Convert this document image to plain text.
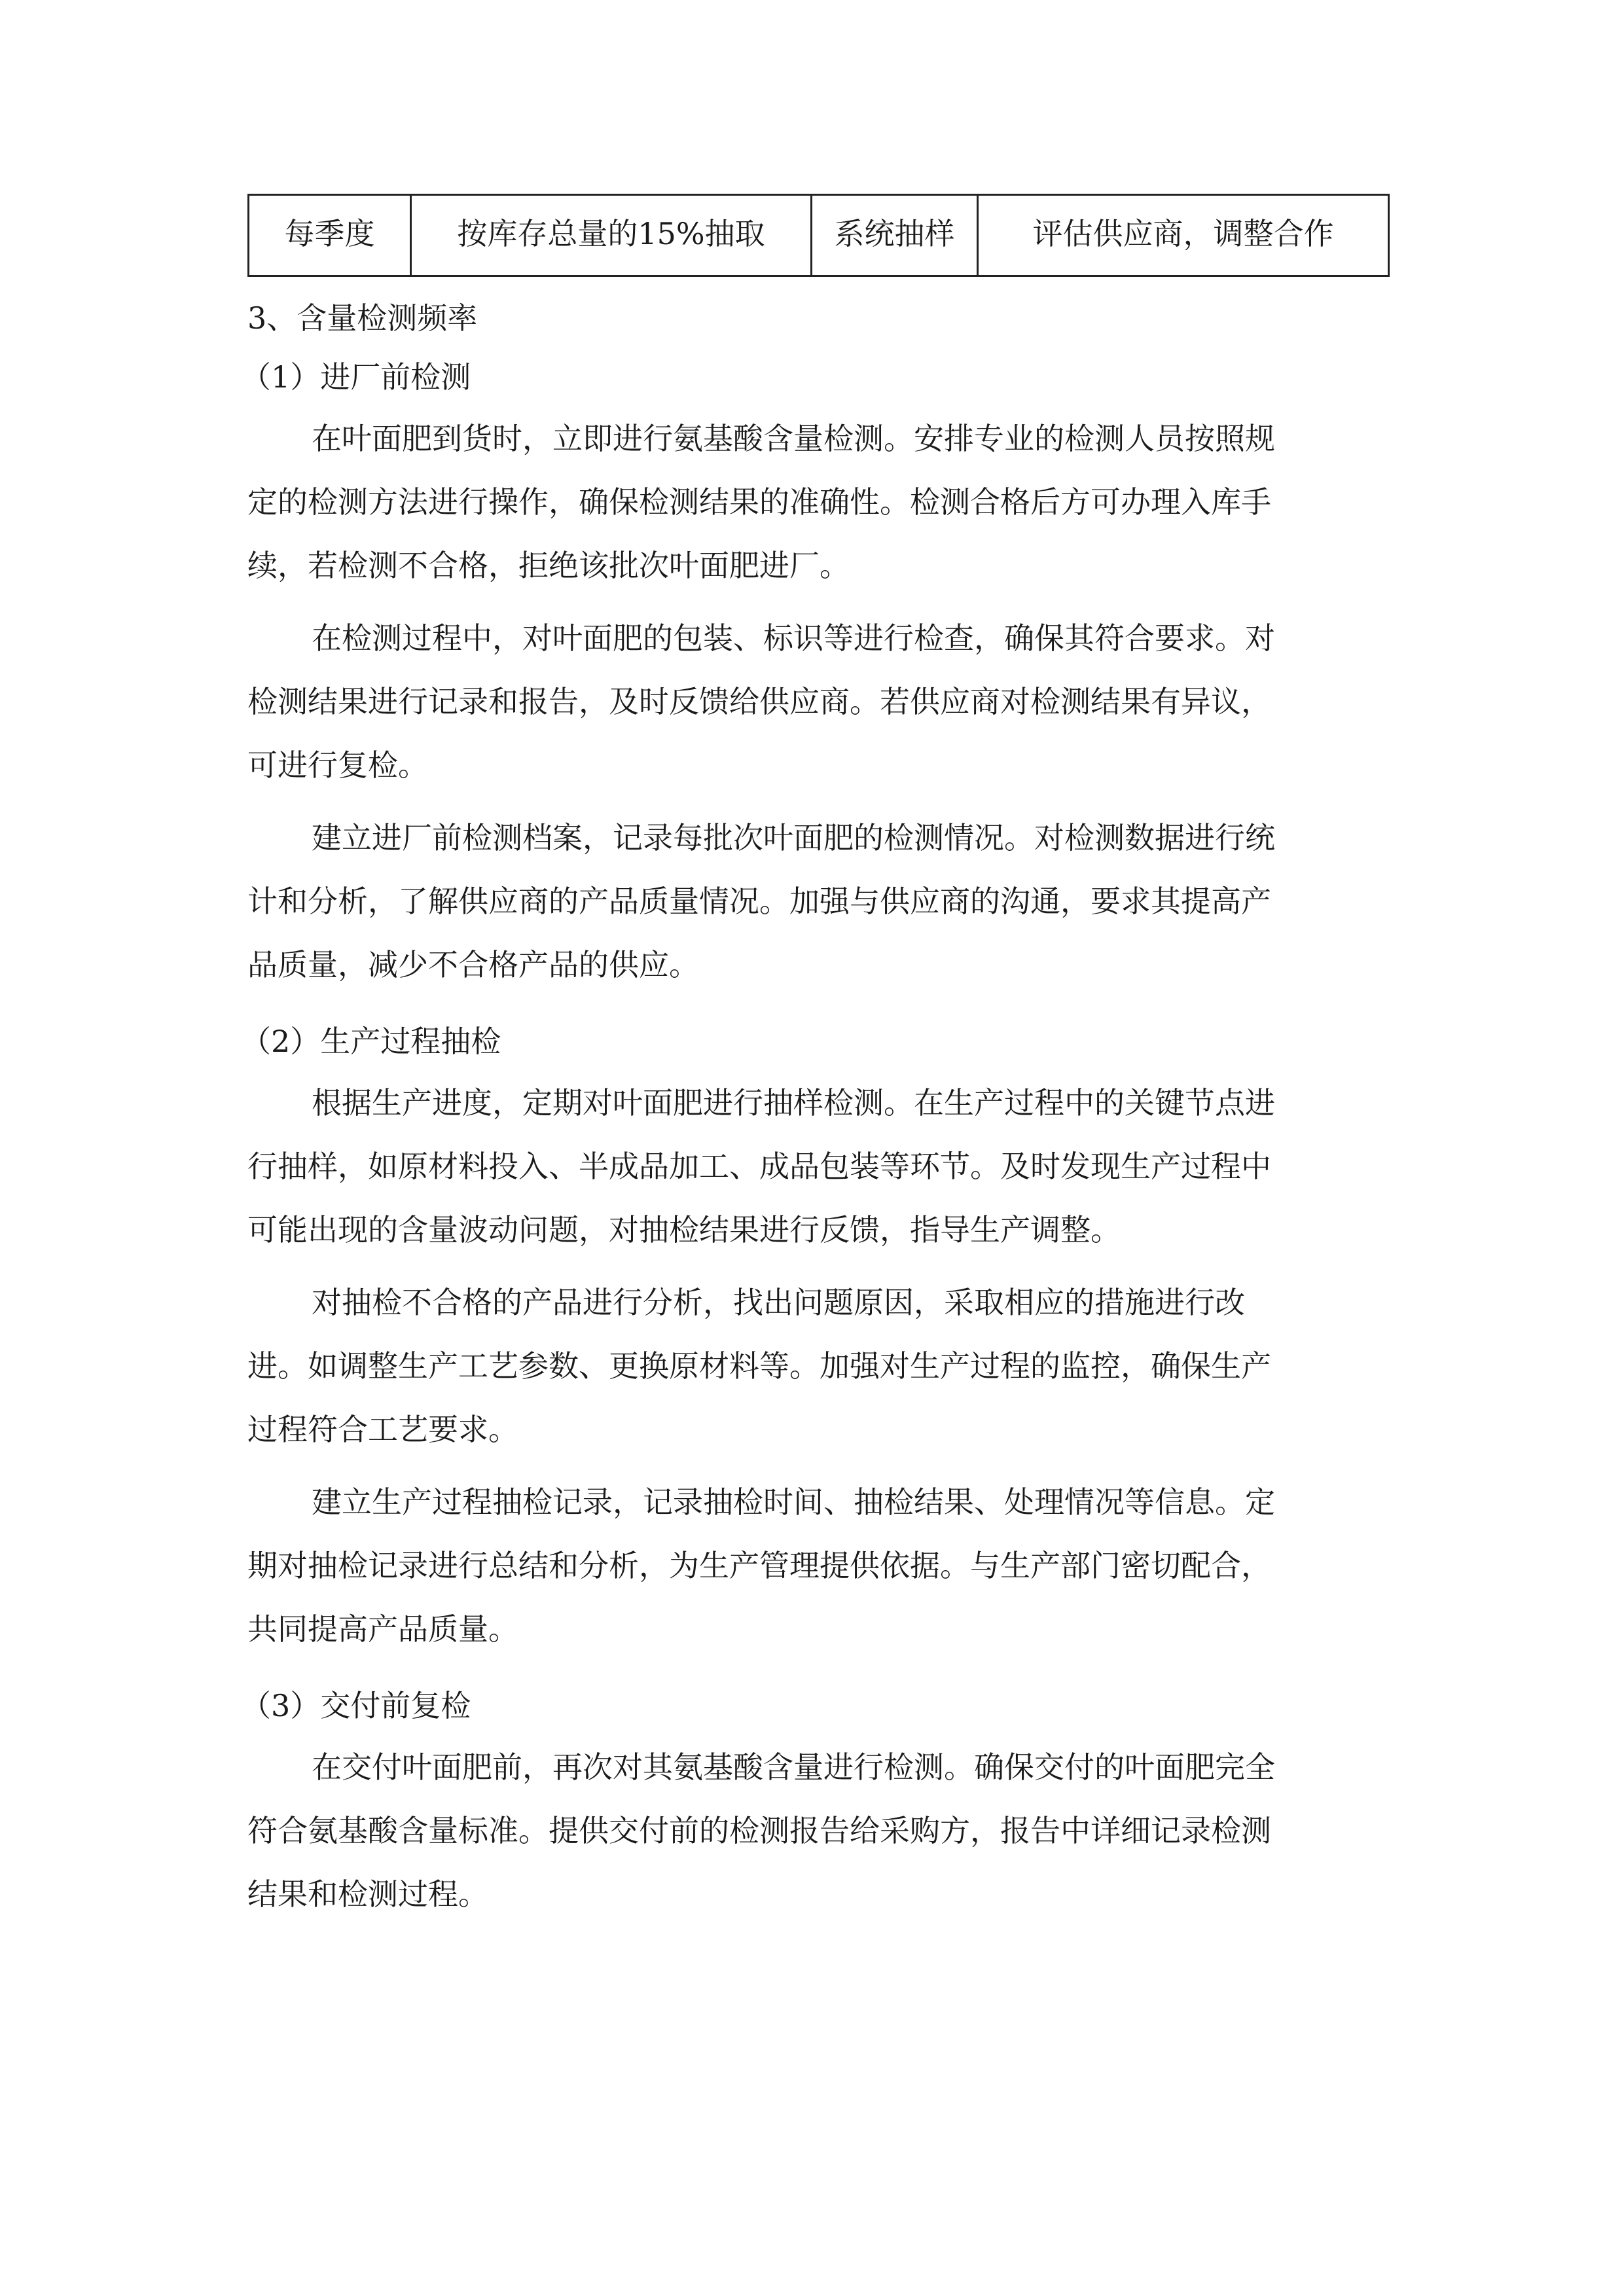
每季度	按库存总量的15%抽取	系统抽样	评估供应商，调整合作
3、含量检测频率
（1）进厂前检测
在叶面肥到货时，立即进行氨基酸含量检测。安排专业的检测人员按照规
定的检测方法进行操作，确保检测结果的准确性。检测合格后方可办理入库手
续，若检测不合格，拒绝该批次叶面肥进厂。
在检测过程中，对叶面肥的包装、标识等进行检查，确保其符合要求。对
检测结果进行记录和报告，及时反馈给供应商。若供应商对检测结果有异议，
可进行复检。
建立进厂前检测档案，记录每批次叶面肥的检测情况。对检测数据进行统
计和分析，了解供应商的产品质量情况。加强与供应商的沟通，要求其提高产
品质量，减少不合格产品的供应。
（2）生产过程抽检
根据生产进度，定期对叶面肥进行抽样检测。在生产过程中的关键节点进
行抽样，如原材料投入、半成品加工、成品包装等环节。及时发现生产过程中
可能出现的含量波动问题，对抽检结果进行反馈，指导生产调整。
对抽检不合格的产品进行分析，找出问题原因，采取相应的措施进行改
进。如调整生产工艺参数、更换原材料等。加强对生产过程的监控，确保生产
过程符合工艺要求。
建立生产过程抽检记录，记录抽检时间、抽检结果、处理情况等信息。定
期对抽检记录进行总结和分析，为生产管理提供依据。与生产部门密切配合，
共同提高产品质量。
（3）交付前复检
在交付叶面肥前，再次对其氨基酸含量进行检测。确保交付的叶面肥完全
符合氨基酸含量标准。提供交付前的检测报告给采购方，报告中详细记录检测
结果和检测过程。
